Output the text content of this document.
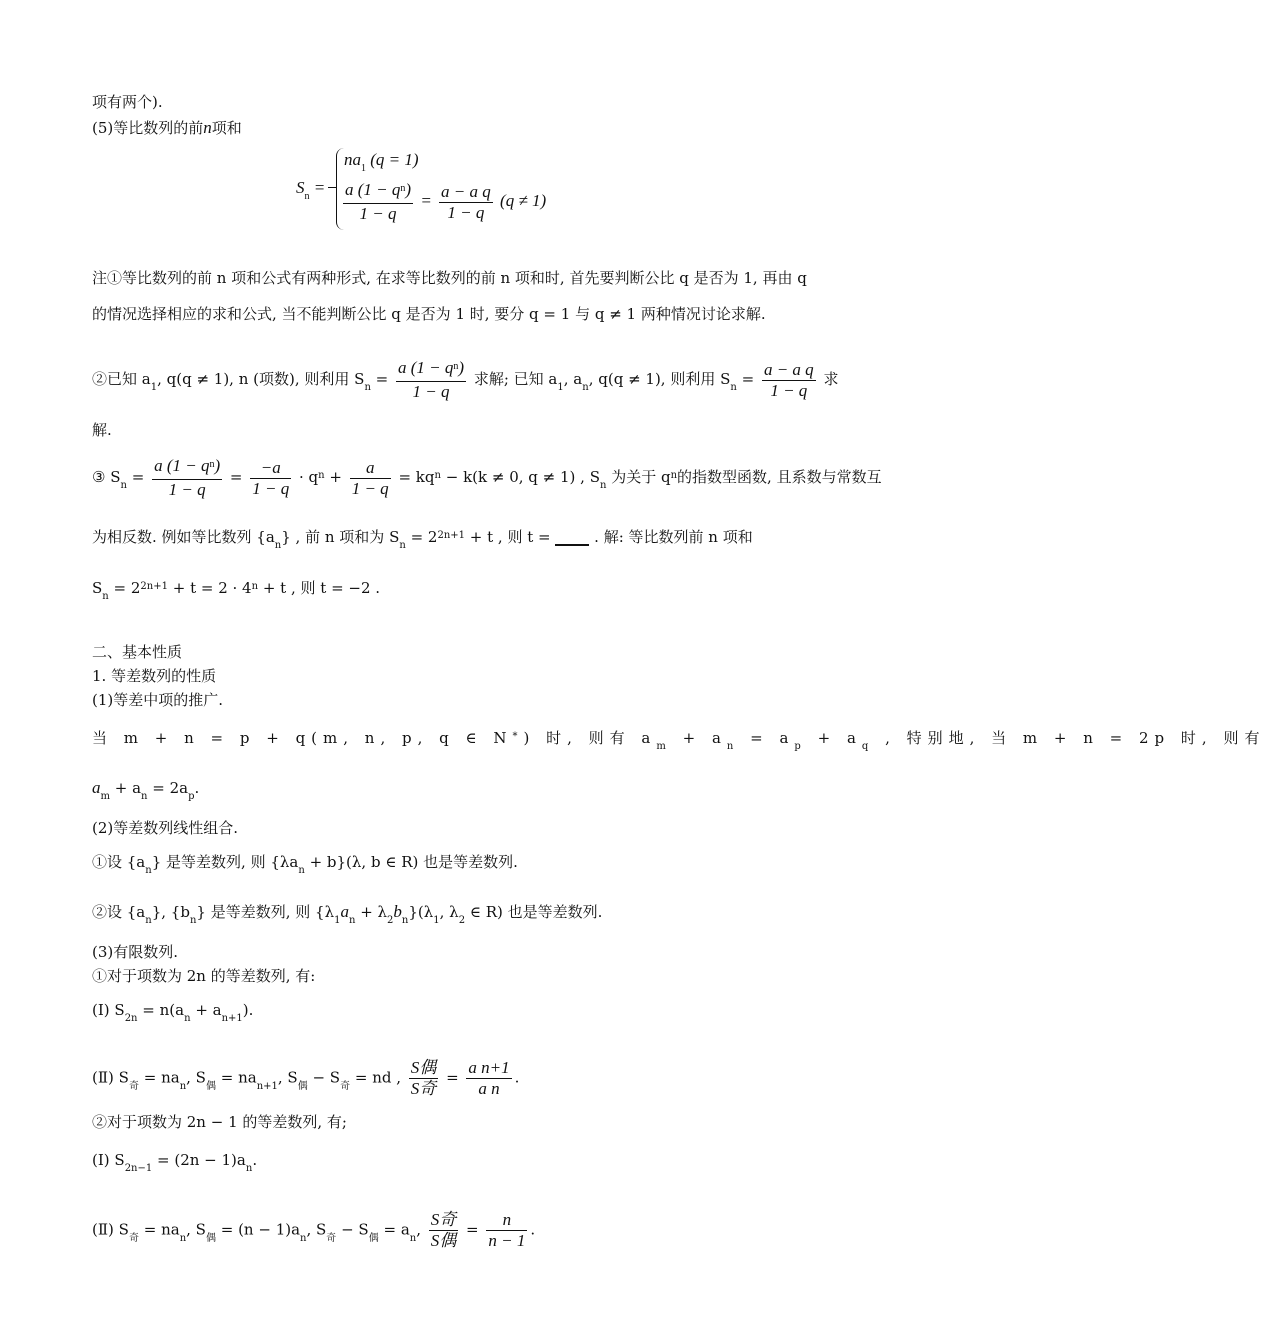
项有两个).
(5)等比数列的前n项和
$S_n$ =
$na_1$ (q = 1)
$\frac{a (1 - q^n)}{1 - q} = \frac{\text{a − a q}}{1 - q} (q \ne 1)$
注①等比数列的前 n 项和公式有两种形式, 在求等比数列的前 n 项和时, 首先要判断公比 q 是否为 1, 再由 q
的情况选择相应的求和公式, 当不能判断公比 q 是否为 1 时, 要分 q = 1 与 q ≠ 1 两种情况讨论求解.
②已知 $a_1$, q(q ≠ 1), n (项数), 则利用 $S_n = \frac{a (1 - q^n)}{1 - q}$ 求解; 已知 $a_1$, $a_n$, q(q ≠ 1), 则利用 $S_n = \frac{\text{a − a q}}{1 - q}$ 求
解.
③ $S_n = \frac{a (1 - q^n)}{1 - q} = \frac{-a}{1 - q} \cdot q^n + \frac{a}{1 - q} = kq^n - k(k \ne 0$, q ≠ 1) , $S_n$ 为关于 $q^n$的指数型函数, 且系数与常数互
为相反数. 例如等比数列 $\{a_n\}$ , 前 n 项和为 $S_n = 2^{2n+1} + t$ , 则 t =	. 解: 等比数列前 n 项和
$S_n = 2^{2n+1} + t = 2 \cdot 4^n + t$ , 则 t = −2 .
二、基本性质
1. 等差数列的性质
(1)等差中项的推广.
当 m + n = p + q(m, n, p, q ∈ N*) 时, 则有 $a_m + a_n = a_p + a_q$ , 特别地, 当 m + n = 2p 时, 则有
$a_m + a_n = 2a_p$.
(2)等差数列线性组合.
①设 $\{a_n\}$ 是等差数列, 则 $\{\lambda a_n + b\}(\lambda$, b ∈ R) 也是等差数列.
②设 $\{a_n\}$, $\{b_n\}$ 是等差数列, 则 $\{\lambda_1a_n + \lambda_2b_n\}(\lambda_1$, $\lambda_2$ ∈ R) 也是等差数列.
(3)有限数列.
①对于项数为 2n 的等差数列, 有:
(Ⅰ) $S_{2n} = n(a_n + a_{n+1})$.
(Ⅱ) $S_奇 = na_n$, $S_偶 = na_{n+1}$, $S_偶 - S_奇$ = nd , $\frac{\text{S偶}}{\text{S奇}} = \frac{\text{a n+1}}{\text{a n}}$ .
②对于项数为 2n − 1 的等差数列, 有;
(Ⅰ) $S_{2n-1} = (2n - 1)a_n$.
(Ⅱ) $S_奇 = na_n$, $S_偶 = (n - 1)a_n$, $S_奇 - S_偶 = a_n$, $\frac{\text{S奇}}{\text{S偶}} = \frac{n}{n - 1}$ .
